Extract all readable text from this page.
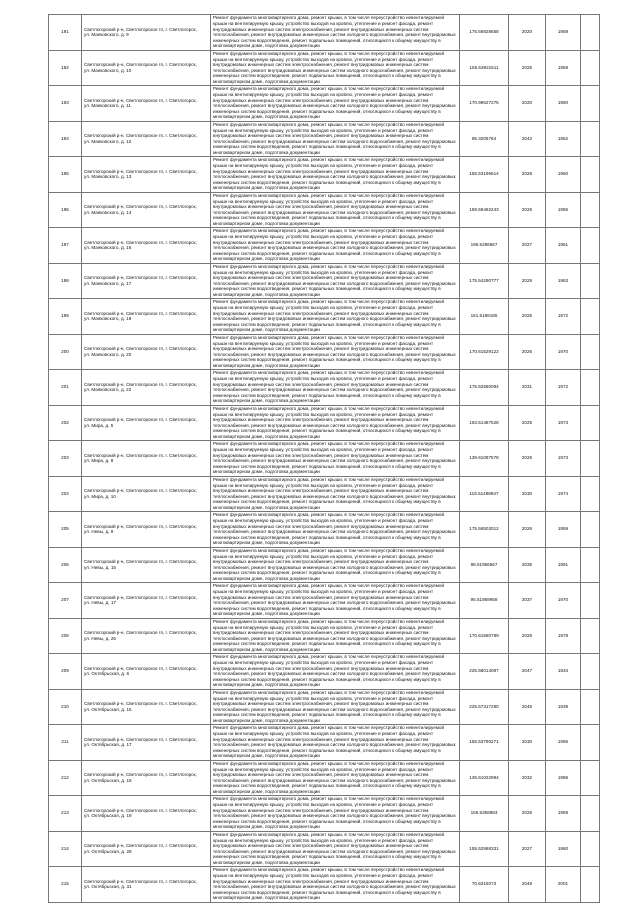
191	Светлогорский р-н, Светлогорское гп, г. Светлогорск,
ул. Маяковского, д. 9	Ремонт фундамента многоквартирного дома, ремонт крыши, в том числе переустройство невентилируемой крыши на вентилируемую крышу, устройство выходов на кровлю, утепление и ремонт фасада, ремонт внутридомовых инженерных систем электроснабжения, ремонт внутридомовых инженерных систем теплоснабжения, ремонт внутридомовых инженерных систем холодного водоснабжения, ремонт внутридомовых инженерных систем водоотведения, ремонт подвальных помещений, относящихся к общему имуществу в многоквартирном доме, подготовка документации	175.56828658	2020	1959	
192	Светлогорский р-н, Светлогорское гп, г. Светлогорск,
ул. Маяковского, д. 10	Ремонт фундамента многоквартирного дома, ремонт крыши, в том числе переустройство невентилируемой крыши на вентилируемую крышу, устройство выходов на кровлю, утепление и ремонт фасада, ремонт внутридомовых инженерных систем электроснабжения, ремонт внутридомовых инженерных систем теплоснабжения, ремонт внутридомовых инженерных систем холодного водоснабжения, ремонт внутридомовых инженерных систем водоотведения, ремонт подвальных помещений, относящихся к общему имуществу в многоквартирном доме, подготовка документации	155.53921511	2025	1959	
193	Светлогорский р-н, Светлогорское гп, г. Светлогорск,
ул. Маяковского, д. 11	Ремонт фундамента многоквартирного дома, ремонт крыши, в том числе переустройство невентилируемой крыши на вентилируемую крышу, устройство выходов на кровлю, утепление и ремонт фасада, ремонт внутридомовых инженерных систем электроснабжения, ремонт внутридомовых инженерных систем теплоснабжения, ремонт внутридомовых инженерных систем холодного водоснабжения, ремонт внутридомовых инженерных систем водоотведения, ремонт подвальных помещений, относящихся к общему имуществу в многоквартирном доме, подготовка документации	170.99627275	2020	1960	
194	Светлогорский р-н, Светлогорское гп, г. Светлогорск,
ул. Маяковского, д. 12	Ремонт фундамента многоквартирного дома, ремонт крыши, в том числе переустройство невентилируемой крыши на вентилируемую крышу, устройство выходов на кровлю, утепление и ремонт фасада, ремонт внутридомовых инженерных систем электроснабжения, ремонт внутридомовых инженерных систем теплоснабжения, ремонт внутридомовых инженерных систем холодного водоснабжения, ремонт внутридомовых инженерных систем водоотведения, ремонт подвальных помещений, относящихся к общему имуществу в многоквартирном доме, подготовка документации	95.3205764	2042	1962	
195	Светлогорский р-н, Светлогорское гп, г. Светлогорск,
ул. Маяковского, д. 13	Ремонт фундамента многоквартирного дома, ремонт крыши, в том числе переустройство невентилируемой крыши на вентилируемую крышу, устройство выходов на кровлю, утепление и ремонт фасада, ремонт внутридомовых инженерных систем электроснабжения, ремонт внутридомовых инженерных систем теплоснабжения, ремонт внутридомовых инженерных систем холодного водоснабжения, ремонт внутридомовых инженерных систем водоотведения, ремонт подвальных помещений, относящихся к общему имуществу в многоквартирном доме, подготовка документации	155.53196814	2026	1960	
196	Светлогорский р-н, Светлогорское гп, г. Светлогорск,
ул. Маяковского, д. 14	Ремонт фундамента многоквартирного дома, ремонт крыши, в том числе переустройство невентилируемой крыши на вентилируемую крышу, устройство выходов на кровлю, утепление и ремонт фасада, ремонт внутридомовых инженерных систем электроснабжения, ремонт внутридомовых инженерных систем теплоснабжения, ремонт внутридомовых инженерных систем холодного водоснабжения, ремонт внутридомовых инженерных систем водоотведения, ремонт подвальных помещений, относящихся к общему имуществу в многоквартирном доме, подготовка документации	159.59462243	2026	1955	
197	Светлогорский р-н, Светлогорское гп, г. Светлогорск,
ул. Маяковского, д. 16	Ремонт фундамента многоквартирного дома, ремонт крыши, в том числе переустройство невентилируемой крыши на вентилируемую крышу, устройство выходов на кровлю, утепление и ремонт фасада, ремонт внутридомовых инженерных систем электроснабжения, ремонт внутридомовых инженерных систем теплоснабжения, ремонт внутридомовых инженерных систем холодного водоснабжения, ремонт внутридомовых инженерных систем водоотведения, ремонт подвальных помещений, относящихся к общему имуществу в многоквартирном доме, подготовка документации	195.6286667	2027	1961	
198	Светлогорский р-н, Светлогорское гп, г. Светлогорск,
ул. Маяковского, д. 17	Ремонт фундамента многоквартирного дома, ремонт крыши, в том числе переустройство невентилируемой крыши на вентилируемую крышу, устройство выходов на кровлю, утепление и ремонт фасада, ремонт внутридомовых инженерных систем электроснабжения, ремонт внутридомовых инженерных систем теплоснабжения, ремонт внутридомовых инженерных систем холодного водоснабжения, ремонт внутридомовых инженерных систем водоотведения, ремонт подвальных помещений, относящихся к общему имуществу в многоквартирном доме, подготовка документации	175.54290777	2029	1963	
199	Светлогорский р-н, Светлогорское гп, г. Светлогорск,
ул. Маяковского, д. 18	Ремонт фундамента многоквартирного дома, ремонт крыши, в том числе переустройство невентилируемой крыши на вентилируемую крышу, устройство выходов на кровлю, утепление и ремонт фасада, ремонт внутридомовых инженерных систем электроснабжения, ремонт внутридомовых инженерных систем теплоснабжения, ремонт внутридомовых инженерных систем холодного водоснабжения, ремонт внутридомовых инженерных систем водоотведения, ремонт подвальных помещений, относящихся к общему имуществу в многоквартирном доме, подготовка документации	151.5189185	2025	1972	
200	Светлогорский р-н, Светлогорское гп, г. Светлогорск,
ул. Маяковского, д. 20	Ремонт фундамента многоквартирного дома, ремонт крыши, в том числе переустройство невентилируемой крыши на вентилируемую крышу, устройство выходов на кровлю, утепление и ремонт фасада, ремонт внутридомовых инженерных систем электроснабжения, ремонт внутридомовых инженерных систем теплоснабжения, ремонт внутридомовых инженерных систем холодного водоснабжения, ремонт внутридомовых инженерных систем водоотведения, ремонт подвальных помещений, относящихся к общему имуществу в многоквартирном доме, подготовка документации	170.61529122	2026	1970	
201	Светлогорский р-н, Светлогорское гп, г. Светлогорск,
ул. Маяковского, д. 22	Ремонт фундамента многоквартирного дома, ремонт крыши, в том числе переустройство невентилируемой крыши на вентилируемую крышу, устройство выходов на кровлю, утепление и ремонт фасада, ремонт внутридомовых инженерных систем электроснабжения, ремонт внутридомовых инженерных систем теплоснабжения, ремонт внутридомовых инженерных систем холодного водоснабжения, ремонт внутридомовых инженерных систем водоотведения, ремонт подвальных помещений, относящихся к общему имуществу в многоквартирном доме, подготовка документации	175.52580094	2031	1972	
202	Светлогорский р-н, Светлогорское гп, г. Светлогорск,
ул. Мира, д. 5	Ремонт фундамента многоквартирного дома, ремонт крыши, в том числе переустройство невентилируемой крыши на вентилируемую крышу, устройство выходов на кровлю, утепление и ремонт фасада, ремонт внутридомовых инженерных систем электроснабжения, ремонт внутридомовых инженерных систем теплоснабжения, ремонт внутридомовых инженерных систем холодного водоснабжения, ремонт внутридомовых инженерных систем водоотведения, ремонт подвальных помещений, относящихся к общему имуществу в многоквартирном доме, подготовка документации	163.51487528	2025	1973	
203	Светлогорский р-н, Светлогорское гп, г. Светлогорск,
ул. Мира, д. 8	Ремонт фундамента многоквартирного дома, ремонт крыши, в том числе переустройство невентилируемой крыши на вентилируемую крышу, устройство выходов на кровлю, утепление и ремонт фасада, ремонт внутридомовых инженерных систем электроснабжения, ремонт внутридомовых инженерных систем теплоснабжения, ремонт внутридомовых инженерных систем холодного водоснабжения, ремонт внутридомовых инженерных систем водоотведения, ремонт подвальных помещений, относящихся к общему имуществу в многоквартирном доме, подготовка документации	139.61087578	2026	1973	
204	Светлогорский р-н, Светлогорское гп, г. Светлогорск,
ул. Мира, д. 10	Ремонт фундамента многоквартирного дома, ремонт крыши, в том числе переустройство невентилируемой крыши на вентилируемую крышу, устройство выходов на кровлю, утепление и ремонт фасада, ремонт внутридомовых инженерных систем электроснабжения, ремонт внутридомовых инженерных систем теплоснабжения, ремонт внутридомовых инженерных систем холодного водоснабжения, ремонт внутридомовых инженерных систем водоотведения, ремонт подвальных помещений, относящихся к общему имуществу в многоквартирном доме, подготовка документации	116.51488847	2030	1974	
205	Светлогорский р-н, Светлогорское гп, г. Светлогорск,
ул. Невы, д. 8	Ремонт фундамента многоквартирного дома, ремонт крыши, в том числе переустройство невентилируемой крыши на вентилируемую крышу, устройство выходов на кровлю, утепление и ремонт фасада, ремонт внутридомовых инженерных систем электроснабжения, ремонт внутридомовых инженерных систем теплоснабжения, ремонт внутридомовых инженерных систем холодного водоснабжения, ремонт внутридомовых инженерных систем водоотведения, ремонт подвальных помещений, относящихся к общему имуществу в многоквартирном доме, подготовка документации	175.56503012	2026	1959	
206	Светлогорский р-н, Светлогорское гп, г. Светлогорск,
ул. Невы, д. 15	Ремонт фундамента многоквартирного дома, ремонт крыши, в том числе переустройство невентилируемой крыши на вентилируемую крышу, устройство выходов на кровлю, утепление и ремонт фасада, ремонт внутридомовых инженерных систем электроснабжения, ремонт внутридомовых инженерных систем теплоснабжения, ремонт внутридомовых инженерных систем холодного водоснабжения, ремонт внутридомовых инженерных систем водоотведения, ремонт подвальных помещений, относящихся к общему имуществу в многоквартирном доме, подготовка документации	98.51956567	2035	1991	
207	Светлогорский р-н, Светлогорское гп, г. Светлогорск,
ул. Невы, д. 17	Ремонт фундамента многоквартирного дома, ремонт крыши, в том числе переустройство невентилируемой крыши на вентилируемую крышу, устройство выходов на кровлю, утепление и ремонт фасада, ремонт внутридомовых инженерных систем электроснабжения, ремонт внутридомовых инженерных систем теплоснабжения, ремонт внутридомовых инженерных систем холодного водоснабжения, ремонт внутридомовых инженерных систем водоотведения, ремонт подвальных помещений, относящихся к общему имуществу в многоквартирном доме, подготовка документации	95.51959958	2037	1970	
208	Светлогорский р-н, Светлогорское гп, г. Светлогорск,
ул. Невы, д. 26	Ремонт фундамента многоквартирного дома, ремонт крыши, в том числе переустройство невентилируемой крыши на вентилируемую крышу, устройство выходов на кровлю, утепление и ремонт фасада, ремонт внутридомовых инженерных систем электроснабжения, ремонт внутридомовых инженерных систем теплоснабжения, ремонт внутридомовых инженерных систем холодного водоснабжения, ремонт внутридомовых инженерных систем водоотведения, ремонт подвальных помещений, относящихся к общему имуществу в многоквартирном доме, подготовка документации	170.61560789	2026	1978	
209	Светлогорский р-н, Светлогорское гп, г. Светлогорск,
ул. Октябрьская, д. 6	Ремонт фундамента многоквартирного дома, ремонт крыши, в том числе переустройство невентилируемой крыши на вентилируемую крышу, устройство выходов на кровлю, утепление и ремонт фасада, ремонт внутридомовых инженерных систем электроснабжения, ремонт внутридомовых инженерных систем теплоснабжения, ремонт внутридомовых инженерных систем холодного водоснабжения, ремонт внутридомовых инженерных систем водоотведения, ремонт подвальных помещений, относящихся к общему имуществу в многоквартирном доме, подготовка документации	225.58014087	2047	1934	
210	Светлогорский р-н, Светлогорское гп, г. Светлогорск,
ул. Октябрьская, д. 15	Ремонт фундамента многоквартирного дома, ремонт крыши, в том числе переустройство невентилируемой крыши на вентилируемую крышу, устройство выходов на кровлю, утепление и ремонт фасада, ремонт внутридомовых инженерных систем электроснабжения, ремонт внутридомовых инженерных систем теплоснабжения, ремонт внутридомовых инженерных систем холодного водоснабжения, ремонт внутридомовых инженерных систем водоотведения, ремонт подвальных помещений, относящихся к общему имуществу в многоквартирном доме, подготовка документации	225.57317290	2046	1939	
211	Светлогорский р-н, Светлогорское гп, г. Светлогорск,
ул. Октябрьская, д. 17	Ремонт фундамента многоквартирного дома, ремонт крыши, в том числе переустройство невентилируемой крыши на вентилируемую крышу, устройство выходов на кровлю, утепление и ремонт фасада, ремонт внутридомовых инженерных систем электроснабжения, ремонт внутридомовых инженерных систем теплоснабжения, ремонт внутридомовых инженерных систем холодного водоснабжения, ремонт внутридомовых инженерных систем водоотведения, ремонт подвальных помещений, относящихся к общему имуществу в многоквартирном доме, подготовка документации	155.53790271	2030	1955	
212	Светлогорский р-н, Светлогорское гп, г. Светлогорск,
ул. Октябрьская, д. 18	Ремонт фундамента многоквартирного дома, ремонт крыши, в том числе переустройство невентилируемой крыши на вентилируемую крышу, устройство выходов на кровлю, утепление и ремонт фасада, ремонт внутридомовых инженерных систем электроснабжения, ремонт внутридомовых инженерных систем теплоснабжения, ремонт внутридомовых инженерных систем холодного водоснабжения, ремонт внутридомовых инженерных систем водоотведения, ремонт подвальных помещений, относящихся к общему имуществу в многоквартирном доме, подготовка документации	136.61022994	2032	1986	
213	Светлогорский р-н, Светлогорское гп, г. Светлогорск,
ул. Октябрьская, д. 19	Ремонт фундамента многоквартирного дома, ремонт крыши, в том числе переустройство невентилируемой крыши на вентилируемую крышу, устройство выходов на кровлю, утепление и ремонт фасада, ремонт внутридомовых инженерных систем электроснабжения, ремонт внутридомовых инженерных систем теплоснабжения, ремонт внутридомовых инженерных систем холодного водоснабжения, ремонт внутридомовых инженерных систем водоотведения, ремонт подвальных помещений, относящихся к общему имуществу в многоквартирном доме, подготовка документации	155.5358983	2026	1959	
214	Светлогорский р-н, Светлогорское гп, г. Светлогорск,
ул. Октябрьская, д. 29	Ремонт фундамента многоквартирного дома, ремонт крыши, в том числе переустройство невентилируемой крыши на вентилируемую крышу, устройство выходов на кровлю, утепление и ремонт фасада, ремонт внутридомовых инженерных систем электроснабжения, ремонт внутридомовых инженерных систем теплоснабжения, ремонт внутридомовых инженерных систем холодного водоснабжения, ремонт внутридомовых инженерных систем водоотведения, ремонт подвальных помещений, относящихся к общему имуществу в многоквартирном доме, подготовка документации	155.52968331	2027	1960	
215	Светлогорский р-н, Светлогорское гп, г. Светлогорск,
ул. Октябрьская, д. 31	Ремонт фундамента многоквартирного дома, ремонт крыши, в том числе переустройство невентилируемой крыши на вентилируемую крышу, устройство выходов на кровлю, утепление и ремонт фасада, ремонт внутридомовых инженерных систем электроснабжения, ремонт внутридомовых инженерных систем теплоснабжения, ремонт внутридомовых инженерных систем холодного водоснабжения, ремонт внутридомовых инженерных систем водоотведения, ремонт подвальных помещений, относящихся к общему имуществу в многоквартирном доме, подготовка документации	70.6315073	2049	2001	
